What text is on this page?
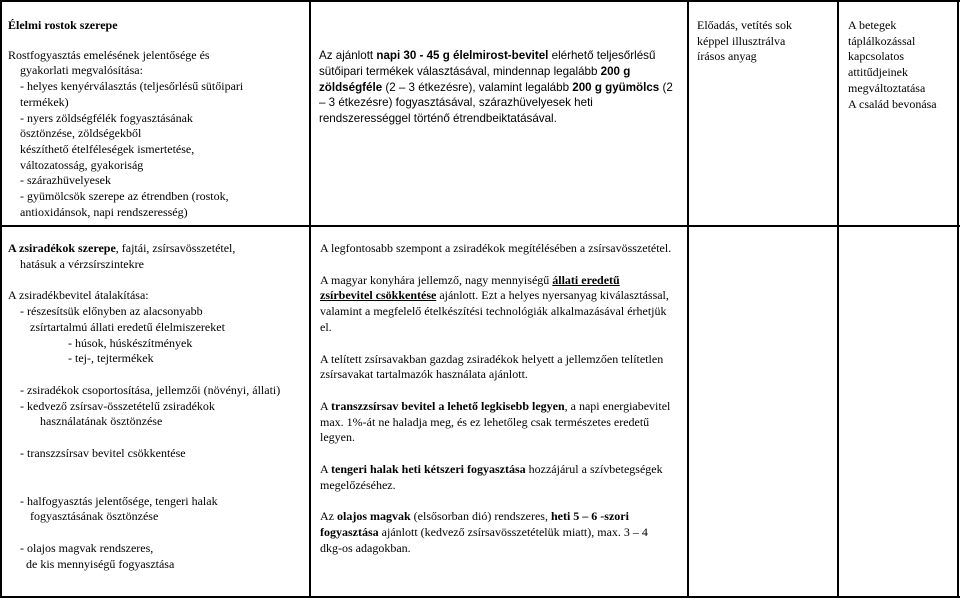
Élelmi rostok szerepe

Rostfogyasztás emelésének jelentősége és

gyakorlati megvalósítása:

- helyes kenyérválasztás (teljesőrlésű sütőipari

termékek)

- nyers zöldségfélék fogyasztásának

ösztönzése, zöldségekből

készíthető ételféleségek ismertetése,

változatosság, gyakoriság

- szárazhüvelyesek

- gyümölcsök szerepe az étrendben (rostok,

antioxidánsok, napi rendszeresség)

Az ajánlott napi 30 - 45 g élelmirost-bevitel elérhető teljesőrlésű sütőipari termékek választásával, mindennap legalább 200 g zöldségféle (2 – 3 étkezésre), valamint legalább 200 g gyümölcs (2 – 3 étkezésre) fogyasztásával, szárazhüvelyesek heti rendszerességgel történő étrendbeiktatásával.

Előadás, vetítés sok

képpel illusztrálva

írásos anyag

A betegek

táplálkozással

kapcsolatos

attitűdjeinek

megváltoztatása

A család bevonása

A zsiradékok szerepe, fajtái, zsírsavösszetétel,

hatásuk a vérzsírszintekre

A zsiradékbevitel átalakítása:

- részesítsük előnyben az alacsonyabb

zsírtartalmú állati eredetű élelmiszereket

- húsok, húskészítmények

- tej-, tejtermékek

- zsiradékok csoportosítása, jellemzői (növényi, állati)

- kedvező zsírsav-összetételű zsiradékok

használatának ösztönzése

- transzzsírsav bevitel csökkentése

- halfogyasztás jelentősége, tengeri halak

fogyasztásának ösztönzése

- olajos magvak rendszeres,

de kis mennyiségű fogyasztása

A legfontosabb szempont a zsiradékok megítélésében a zsírsavösszetétel.

A magyar konyhára jellemző, nagy mennyiségű állati eredetű zsírbevitel csökkentése ajánlott. Ezt a helyes nyersanyag kiválasztással, valamint a megfelelő ételkészítési technológiák alkalmazásával érhetjük el.

A telített zsírsavakban gazdag zsiradékok helyett a jellemzően telítetlen zsírsavakat tartalmazók használata ajánlott.

A transzzsírsav bevitel a lehető legkisebb legyen, a napi energiabevitel max. 1%-át ne haladja meg, és ez lehetőleg csak természetes eredetű legyen.

A tengeri halak heti kétszeri fogyasztása hozzájárul a szívbetegségek megelőzéséhez.

Az olajos magvak (elsősorban dió) rendszeres, heti 5 – 6 -szori fogyasztása ajánlott (kedvező zsírsavösszetételük miatt), max. 3 – 4 dkg-os adagokban.
